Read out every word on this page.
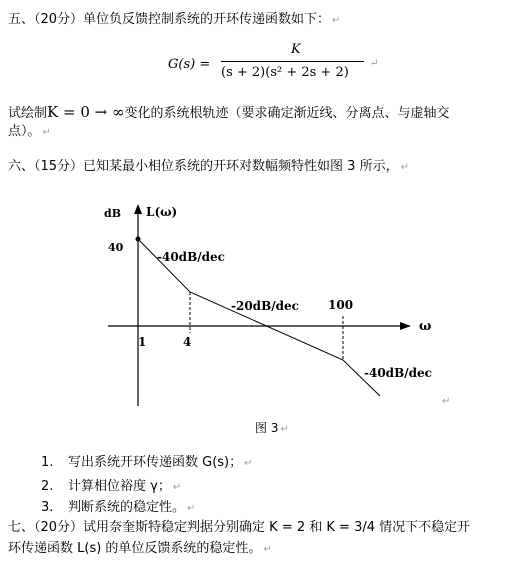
五、（20分）单位负反馈控制系统的开环传递函数如下： ↵
G(s) =
K
(s + 2)(s² + 2s + 2)
↵
试绘制K = 0 → ∞变化的系统根轨迹（要求确定渐近线、分离点、与虚轴交
点）。 ↵
六、（15分）已知某最小相位系统的开环对数幅频特性如图 3 所示， ↵
dB L(ω)
40
-40dB/dec
-20dB/dec 100
1	4
ω
-40dB/dec
↵
图 3 ↵
1. 写出系统开环传递函数 G(s)； ↵
2. 计算相位裕度 γ； ↵
3. 判断系统的稳定性。 ↵
七、（20分）试用奈奎斯特稳定判据分别确定 K = 2 和 K = 3/4 情况下不稳定开
环传递函数 L(s) 的单位反馈系统的稳定性。 ↵
